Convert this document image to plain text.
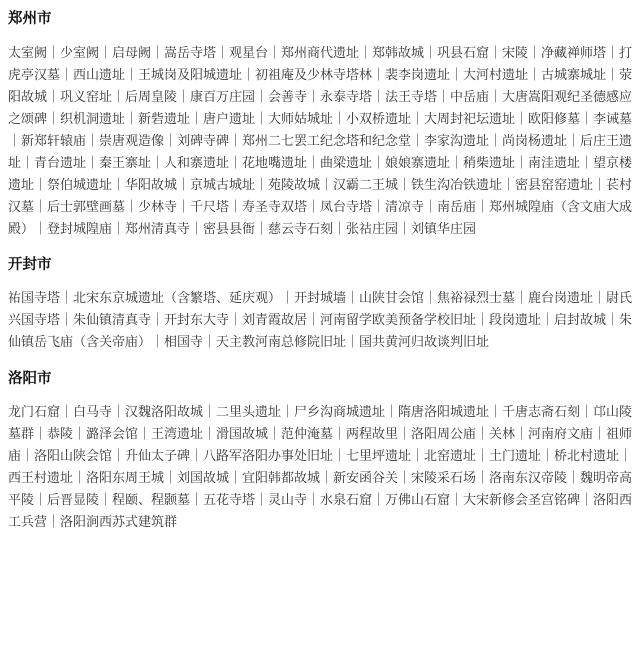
郑州市

太室阙｜少室阙｜启母阙｜嵩岳寺塔｜观星台｜郑州商代遗址｜郑韩故城｜巩县石窟｜宋陵｜净藏禅师塔｜打虎亭汉墓｜西山遗址｜王城岗及阳城遗址｜初祖庵及少林寺塔林｜裴李岗遗址｜大河村遗址｜古城寨城址｜荥阳故城｜巩义窑址｜后周皇陵｜康百万庄园｜会善寺｜永泰寺塔｜法王寺塔｜中岳庙｜大唐嵩阳观纪圣德感应之颂碑｜织机洞遗址｜新砦遗址｜唐户遗址｜大师姑城址｜小双桥遗址｜大周封祀坛遗址｜欧阳修墓｜李诫墓｜新郑轩辕庙｜崇唐观造像｜刘碑寺碑｜郑州二七罢工纪念塔和纪念堂｜李家沟遗址｜尚岗杨遗址｜后庄王遗址｜青台遗址｜秦王寨址｜人和寨遗址｜花地嘴遗址｜曲梁遗址｜娘娘寨遗址｜稍柴遗址｜南洼遗址｜望京楼遗址｜祭伯城遗址｜华阳故城｜京城古城址｜苑陵故城｜汉霸二王城｜铁生沟冶铁遗址｜密县窑窑遗址｜苌村汉墓｜后士郭壁画墓｜少林寺｜千尺塔｜寿圣寺双塔｜凤台寺塔｜清凉寺｜南岳庙｜郑州城隍庙（含文庙大成殿）｜登封城隍庙｜郑州清真寺｜密县县衙｜慈云寺石刻｜张祜庄园｜刘镇华庄园

开封市

祐国寺塔｜北宋东京城遗址（含繁塔、延庆观）｜开封城墙｜山陕甘会馆｜焦裕禄烈士墓｜鹿台岗遗址｜尉氏兴国寺塔｜朱仙镇清真寺｜开封东大寺｜刘青霞故居｜河南留学欧美预备学校旧址｜段岗遗址｜启封故城｜朱仙镇岳飞庙（含关帝庙）｜相国寺｜天主教河南总修院旧址｜国共黄河归故谈判旧址

洛阳市

龙门石窟｜白马寺｜汉魏洛阳故城｜二里头遗址｜尸乡沟商城遗址｜隋唐洛阳城遗址｜千唐志斋石刻｜邙山陵墓群｜恭陵｜潞泽会馆｜王湾遗址｜滑国故城｜范仲淹墓｜两程故里｜洛阳周公庙｜关林｜河南府文庙｜祖师庙｜洛阳山陕会馆｜升仙太子碑｜八路军洛阳办事处旧址｜七里坪遗址｜北窑遗址｜土门遗址｜桥北村遗址｜西王村遗址｜洛阳东周王城｜刘国故城｜宜阳韩都故城｜新安函谷关｜宋陵采石场｜洛南东汉帝陵｜魏明帝高平陵｜后晋显陵｜程颐、程颢墓｜五花寺塔｜灵山寺｜水泉石窟｜万佛山石窟｜大宋新修会圣宫铭碑｜洛阳西工兵营｜洛阳涧西苏式建筑群
